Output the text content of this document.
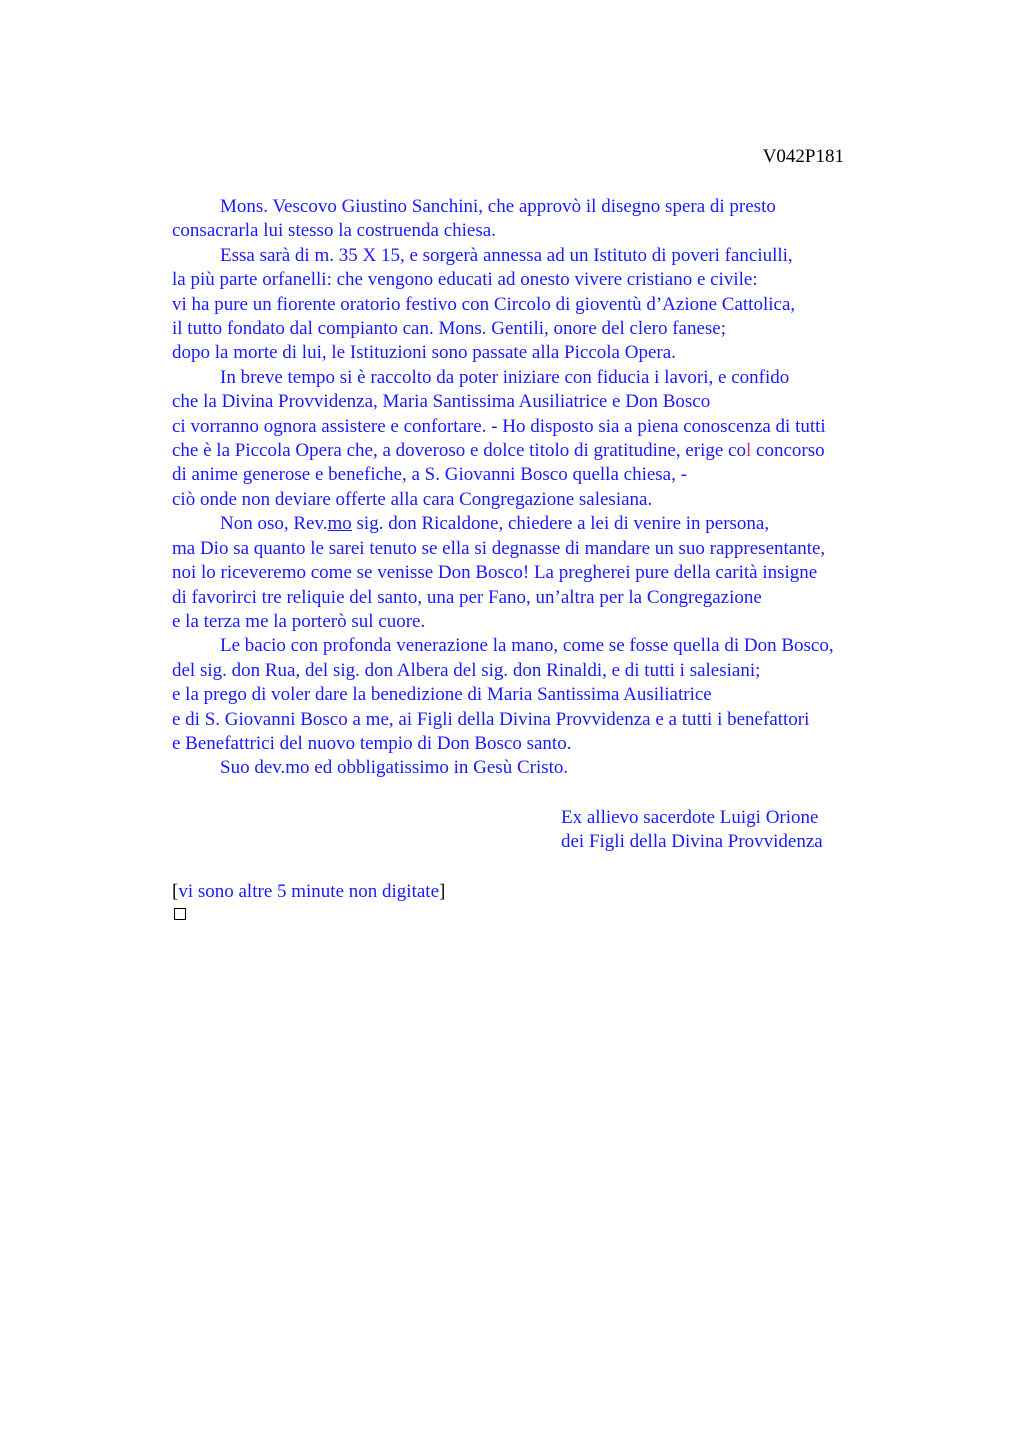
V042P181
Mons. Vescovo Giustino Sanchini, che approvò il disegno spera di presto
consacrarla lui stesso la costruenda chiesa.
Essa sarà di m. 35 X 15, e sorgerà annessa ad un Istituto di poveri fanciulli,
la più parte orfanelli: che vengono educati ad onesto vivere cristiano e civile:
vi ha pure un fiorente oratorio festivo con Circolo di gioventù d’Azione Cattolica,
il tutto fondato dal compianto can. Mons. Gentili, onore del clero fanese;
dopo la morte di lui, le Istituzioni sono passate alla Piccola Opera.
In breve tempo si è raccolto da poter iniziare con fiducia i lavori, e confido
che la Divina Provvidenza, Maria Santissima Ausiliatrice e Don Bosco
ci vorranno ognora assistere e confortare. - Ho disposto sia a piena conoscenza di tutti
che è la Piccola Opera che, a doveroso e dolce titolo di gratitudine, erige col concorso
di anime generose e benefiche, a S. Giovanni Bosco quella chiesa, -
ciò onde non deviare offerte alla cara Congregazione salesiana.
Non oso, Rev.mo sig. don Ricaldone, chiedere a lei di venire in persona,
ma Dio sa quanto le sarei tenuto se ella si degnasse di mandare un suo rappresentante,
noi lo riceveremo come se venisse Don Bosco! La pregherei pure della carità insigne
di favorirci tre reliquie del santo, una per Fano, un’altra per la Congregazione
e la terza me la porterò sul cuore.
Le bacio con profonda venerazione la mano, come se fosse quella di Don Bosco,
del sig. don Rua, del sig. don Albera del sig. don Rinaldi, e di tutti i salesiani;
e la prego di voler dare la benedizione di Maria Santissima Ausiliatrice
e di S. Giovanni Bosco a me, ai Figli della Divina Provvidenza e a tutti i benefattori
e Benefattrici del nuovo tempio di Don Bosco santo.
Suo dev.mo ed obbligatissimo in Gesù Cristo.
Ex allievo sacerdote Luigi Orione
dei Figli della Divina Provvidenza
[vi sono altre 5 minute non digitate]
